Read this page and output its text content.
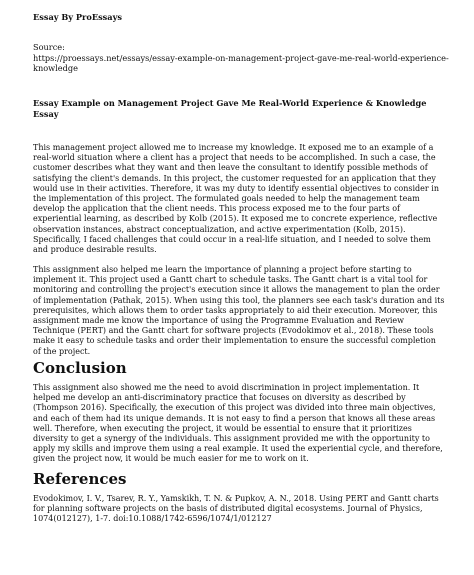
Essay By ProEssays
Source:
https://proessays.net/essays/essay-example-on-management-project-gave-me-real-world-experience-knowledge
Essay Example on Management Project Gave Me Real-World Experience & Knowledge Essay

This management project allowed me to increase my knowledge. It exposed me to an example of a real-world situation where a client has a project that needs to be accomplished. In such a case, the customer describes what they want and then leave the consultant to identify possible methods of satisfying the client's demands. In this project, the customer requested for an application that they would use in their activities. Therefore, it was my duty to identify essential objectives to consider in the implementation of this project. The formulated goals needed to help the management team develop the application that the client needs. This process exposed me to the four parts of experiential learning, as described by Kolb (2015). It exposed me to concrete experience, reflective observation instances, abstract conceptualization, and active experimentation (Kolb, 2015). Specifically, I faced challenges that could occur in a real-life situation, and I needed to solve them and produce desirable results.

This assignment also helped me learn the importance of planning a project before starting to implement it. This project used a Gantt chart to schedule tasks. The Gantt chart is a vital tool for monitoring and controlling the project's execution since it allows the management to plan the order of implementation (Pathak, 2015). When using this tool, the planners see each task's duration and its prerequisites, which allows them to order tasks appropriately to aid their execution. Moreover, this assignment made me know the importance of using the Programme Evaluation and Review Technique (PERT) and the Gantt chart for software projects (Evodokimov et al., 2018). These tools make it easy to schedule tasks and order their implementation to ensure the successful completion of the project.

Conclusion

This assignment also showed me the need to avoid discrimination in project implementation. It helped me develop an anti-discriminatory practice that focuses on diversity as described by (Thompson 2016). Specifically, the execution of this project was divided into three main objectives, and each of them had its unique demands. It is not easy to find a person that knows all these areas well. Therefore, when executing the project, it would be essential to ensure that it prioritizes diversity to get a synergy of the individuals. This assignment provided me with the opportunity to apply my skills and improve them using a real example. It used the experiential cycle, and therefore, given the project now, it would be much easier for me to work on it.

References

Evodokimov, I. V., Tsarev, R. Y., Yamskikh, T. N. & Pupkov, A. N., 2018. Using PERT and Gantt charts for planning software projects on the basis of distributed digital ecosystems. Journal of Physics, 1074(012127), 1-7. doi:10.1088/1742-6596/1074/1/012127
